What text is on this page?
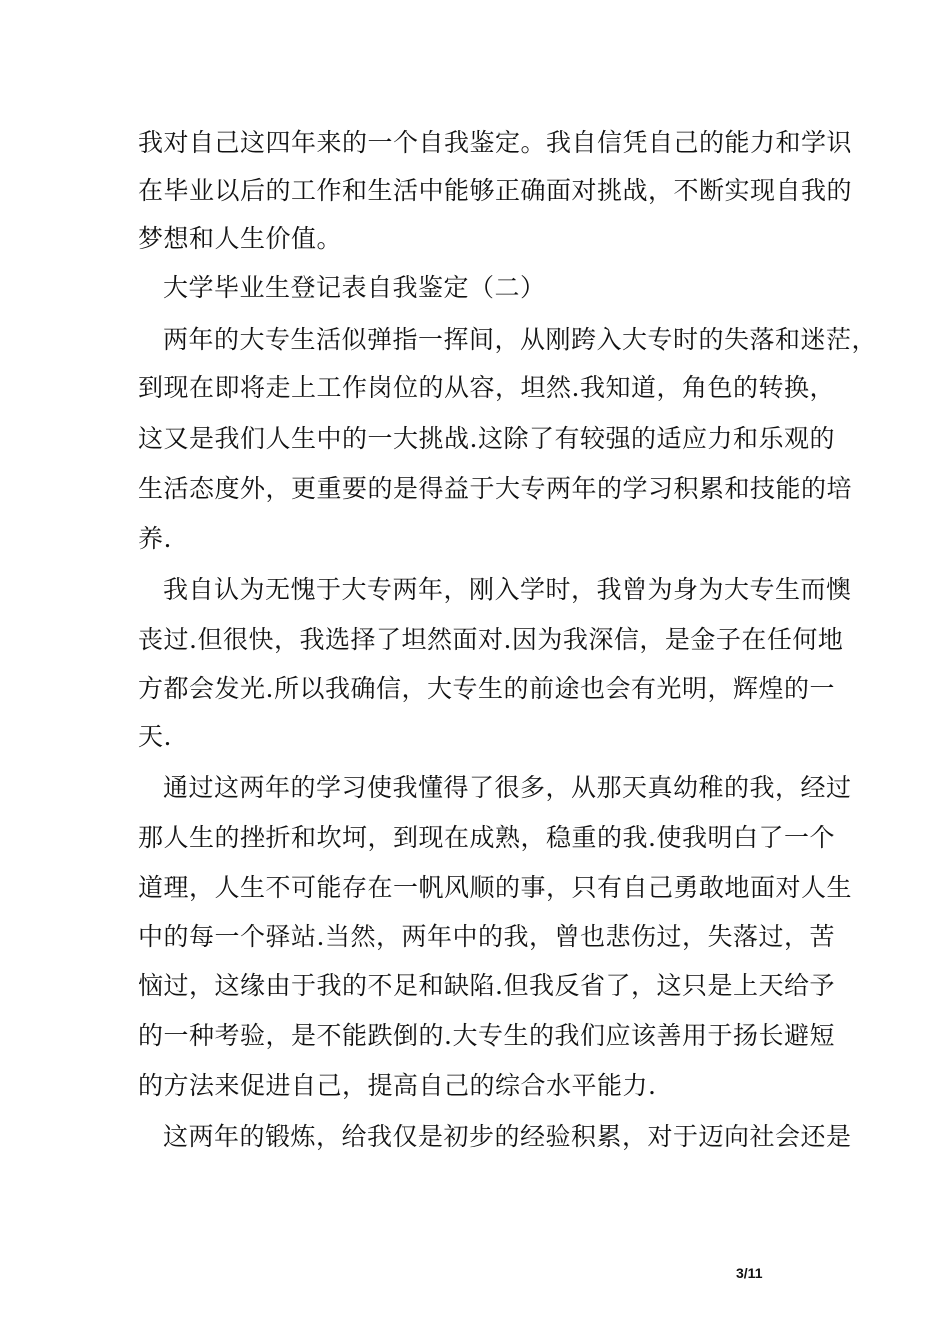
我对自己这四年来的一个自我鉴定。我自信凭自己的能力和学识
在毕业以后的工作和生活中能够正确面对挑战，不断实现自我的
梦想和人生价值。
大学毕业生登记表自我鉴定（二）
两年的大专生活似弹指一挥间，从刚跨入大专时的失落和迷茫，
到现在即将走上工作岗位的从容，坦然.我知道，角色的转换，
这又是我们人生中的一大挑战.这除了有较强的适应力和乐观的
生活态度外，更重要的是得益于大专两年的学习积累和技能的培
养.
我自认为无愧于大专两年，刚入学时，我曾为身为大专生而懊
丧过.但很快，我选择了坦然面对.因为我深信，是金子在任何地
方都会发光.所以我确信，大专生的前途也会有光明，辉煌的一
天.
通过这两年的学习使我懂得了很多，从那天真幼稚的我，经过
那人生的挫折和坎坷，到现在成熟，稳重的我.使我明白了一个
道理，人生不可能存在一帆风顺的事，只有自己勇敢地面对人生
中的每一个驿站.当然，两年中的我，曾也悲伤过，失落过，苦
恼过，这缘由于我的不足和缺陷.但我反省了，这只是上天给予
的一种考验，是不能跌倒的.大专生的我们应该善用于扬长避短
的方法来促进自己，提高自己的综合水平能力.
这两年的锻炼，给我仅是初步的经验积累，对于迈向社会还是
3/11
